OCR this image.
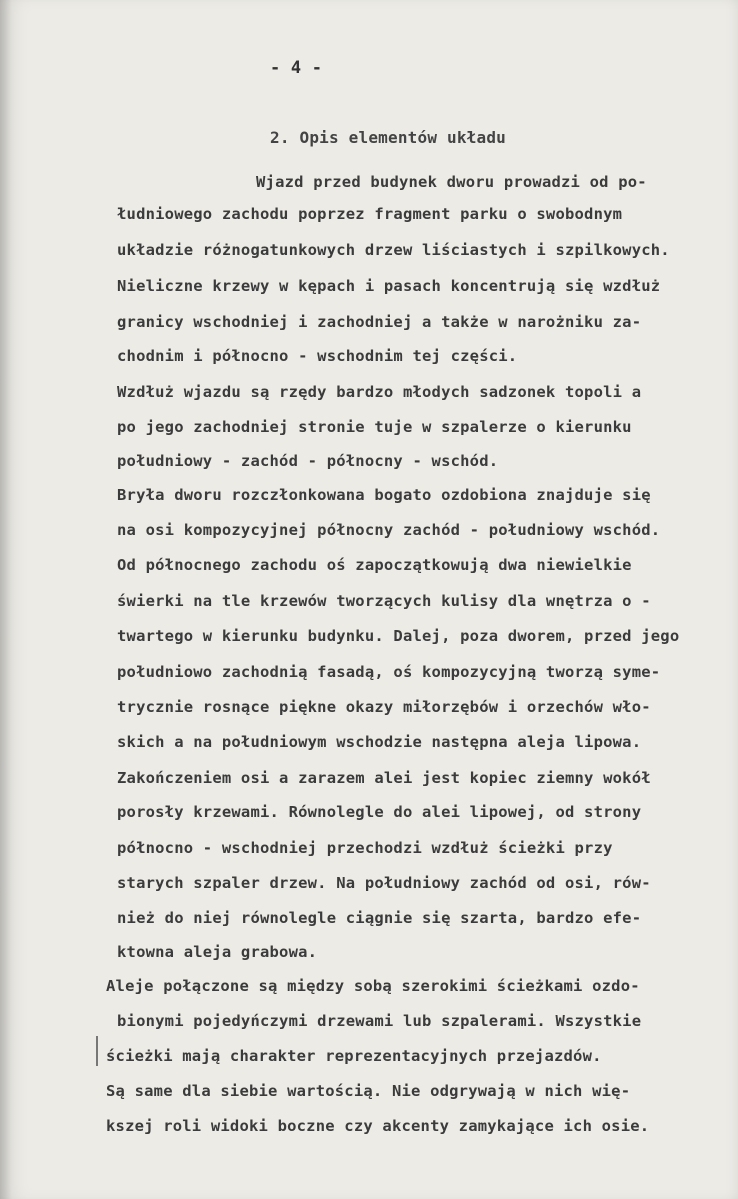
- 4 -
2. Opis elementów układu
Wjazd przed budynek dworu prowadzi od po-
łudniowego zachodu poprzez fragment parku o swobodnym
układzie różnogatunkowych drzew liściastych i szpilkowych.
Nieliczne krzewy w kępach i pasach koncentrują się wzdłuż
granicy wschodniej i zachodniej a także w narożniku za-
chodnim i północno - wschodnim tej części.
Wzdłuż wjazdu są rzędy bardzo młodych sadzonek topoli a
po jego zachodniej stronie tuje w szpalerze o kierunku
południowy - zachód - północny - wschód.
Bryła dworu rozczłonkowana bogato ozdobiona znajduje się
na osi kompozycyjnej północny zachód - południowy wschód.
Od północnego zachodu oś zapoczątkowują dwa niewielkie
świerki na tle krzewów tworzących kulisy dla wnętrza o -
twartego w kierunku budynku. Dalej, poza dworem, przed jego
południowo zachodnią fasadą, oś kompozycyjną tworzą syme-
trycznie rosnące piękne okazy miłorzębów i orzechów wło-
skich a na południowym wschodzie następna aleja lipowa.
Zakończeniem osi a zarazem alei jest kopiec ziemny wokół
porosły krzewami. Równolegle do alei lipowej, od strony
północno - wschodniej przechodzi wzdłuż ścieżki przy
starych szpaler drzew. Na południowy zachód od osi, rów-
nież do niej równolegle ciągnie się szarta, bardzo efe-
ktowna aleja grabowa.
Aleje połączone są między sobą szerokimi ścieżkami ozdo-
bionymi pojedyńczymi drzewami lub szpalerami. Wszystkie
ścieżki mają charakter reprezentacyjnych przejazdów.
Są same dla siebie wartością. Nie odgrywają w nich wię-
kszej roli widoki boczne czy akcenty zamykające ich osie.
